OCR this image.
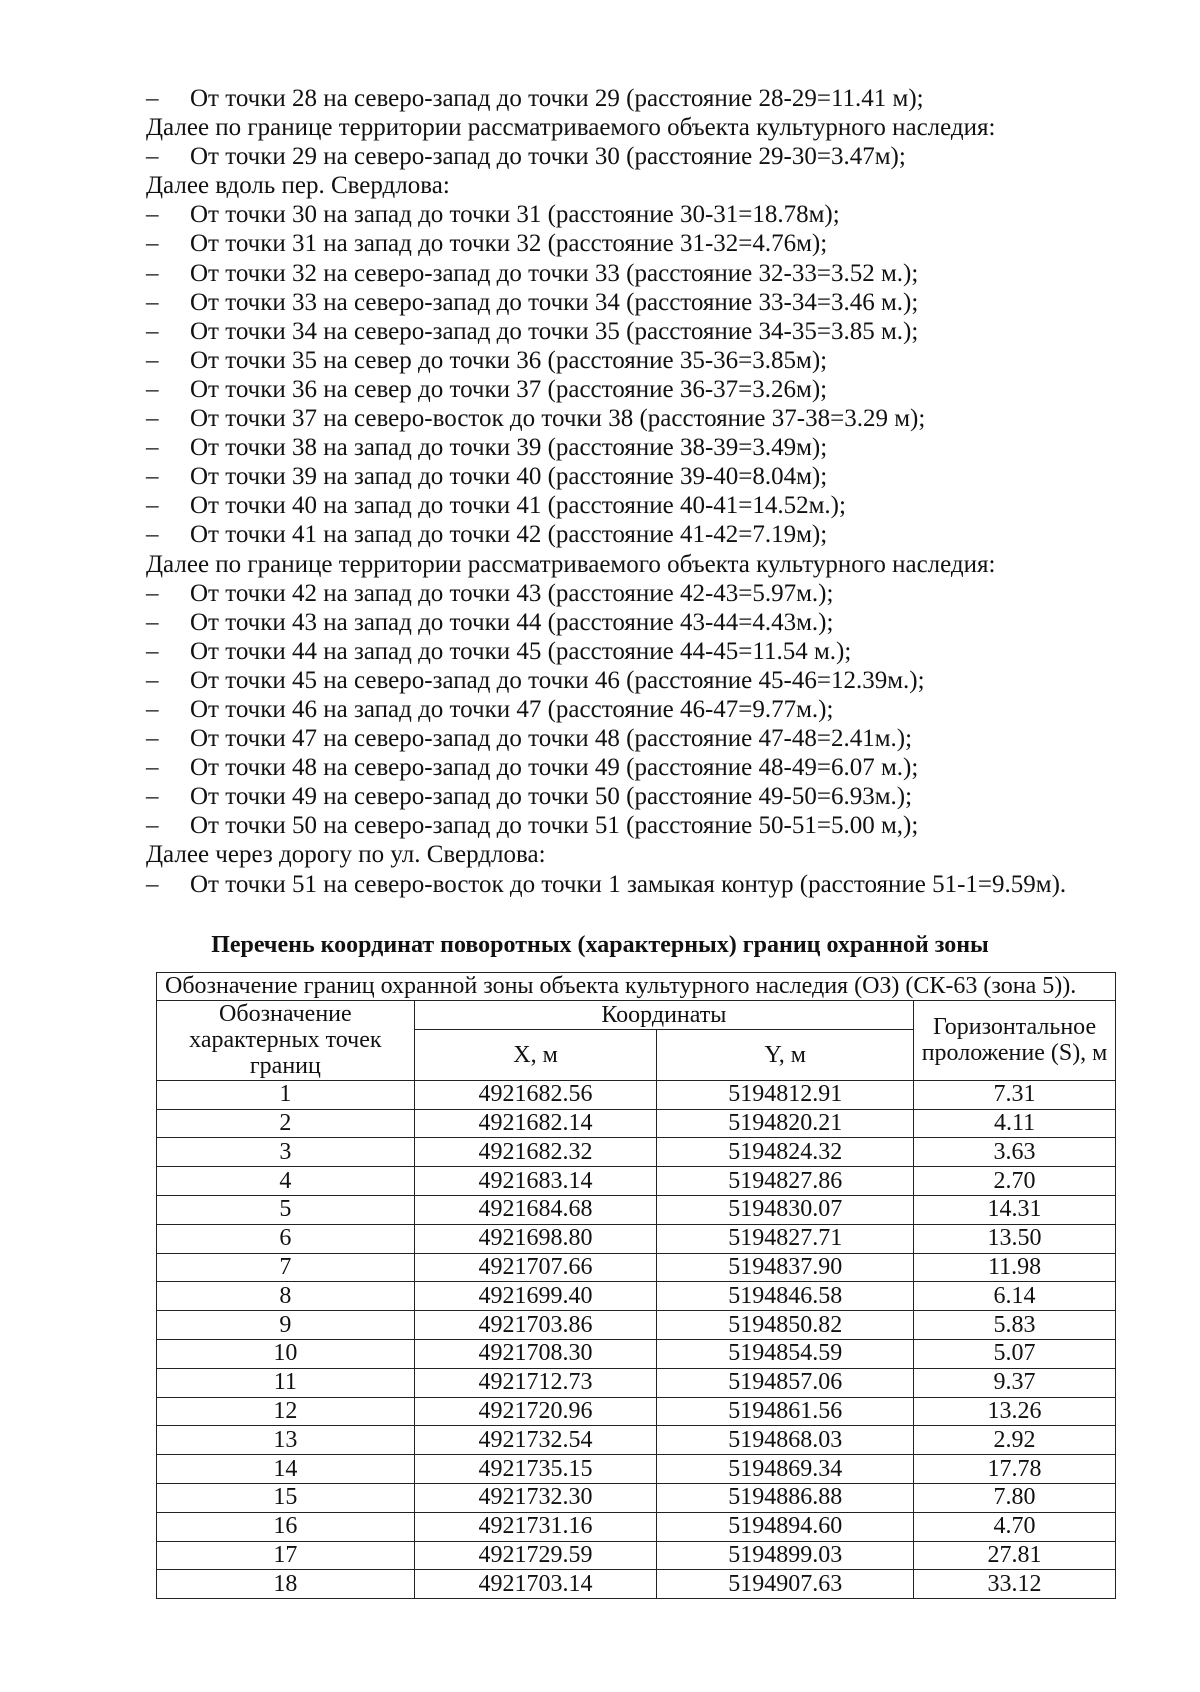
– От точки 28 на северо-запад до точки 29 (расстояние 28-29=11.41 м);
Далее по границе территории рассматриваемого объекта культурного наследия:
– От точки 29 на северо-запад до точки 30 (расстояние 29-30=3.47м);
Далее вдоль пер. Свердлова:
– От точки 30 на запад до точки 31 (расстояние 30-31=18.78м);
– От точки 31 на запад до точки 32 (расстояние 31-32=4.76м);
– От точки 32 на северо-запад до точки 33 (расстояние 32-33=3.52 м.);
– От точки 33 на северо-запад до точки 34 (расстояние 33-34=3.46 м.);
– От точки 34 на северо-запад до точки 35 (расстояние 34-35=3.85 м.);
– От точки 35 на север до точки 36 (расстояние 35-36=3.85м);
– От точки 36 на север до точки 37 (расстояние 36-37=3.26м);
– От точки 37 на северо-восток до точки 38 (расстояние 37-38=3.29 м);
– От точки 38 на запад до точки 39 (расстояние 38-39=3.49м);
– От точки 39 на запад до точки 40 (расстояние 39-40=8.04м);
– От точки 40 на запад до точки 41 (расстояние 40-41=14.52м.);
– От точки 41 на запад до точки 42 (расстояние 41-42=7.19м);
Далее по границе территории рассматриваемого объекта культурного наследия:
– От точки 42 на запад до точки 43 (расстояние 42-43=5.97м.);
– От точки 43 на запад до точки 44 (расстояние 43-44=4.43м.);
– От точки 44 на запад до точки 45 (расстояние 44-45=11.54 м.);
– От точки 45 на северо-запад до точки 46 (расстояние 45-46=12.39м.);
– От точки 46 на запад до точки 47 (расстояние 46-47=9.77м.);
– От точки 47 на северо-запад до точки 48 (расстояние 47-48=2.41м.);
– От точки 48 на северо-запад до точки 49 (расстояние 48-49=6.07 м.);
– От точки 49 на северо-запад до точки 50 (расстояние 49-50=6.93м.);
– От точки 50 на северо-запад до точки 51 (расстояние 50-51=5.00 м,);
Далее через дорогу по ул. Свердлова:
– От точки 51 на северо-восток до точки 1 замыкая контур (расстояние 51-1=9.59м).
Перечень координат поворотных (характерных) границ охранной зоны
Обозначение границ охранной зоны объекта культурного наследия (ОЗ) (СК-63 (зона 5)).			
Обозначение характерных точек границ	Координаты		Горизонтальное проложение (S), м
	X, м	Y, м	
1	4921682.56	5194812.91	7.31
2	4921682.14	5194820.21	4.11
3	4921682.32	5194824.32	3.63
4	4921683.14	5194827.86	2.70
5	4921684.68	5194830.07	14.31
6	4921698.80	5194827.71	13.50
7	4921707.66	5194837.90	11.98
8	4921699.40	5194846.58	6.14
9	4921703.86	5194850.82	5.83
10	4921708.30	5194854.59	5.07
11	4921712.73	5194857.06	9.37
12	4921720.96	5194861.56	13.26
13	4921732.54	5194868.03	2.92
14	4921735.15	5194869.34	17.78
15	4921732.30	5194886.88	7.80
16	4921731.16	5194894.60	4.70
17	4921729.59	5194899.03	27.81
18	4921703.14	5194907.63	33.12
